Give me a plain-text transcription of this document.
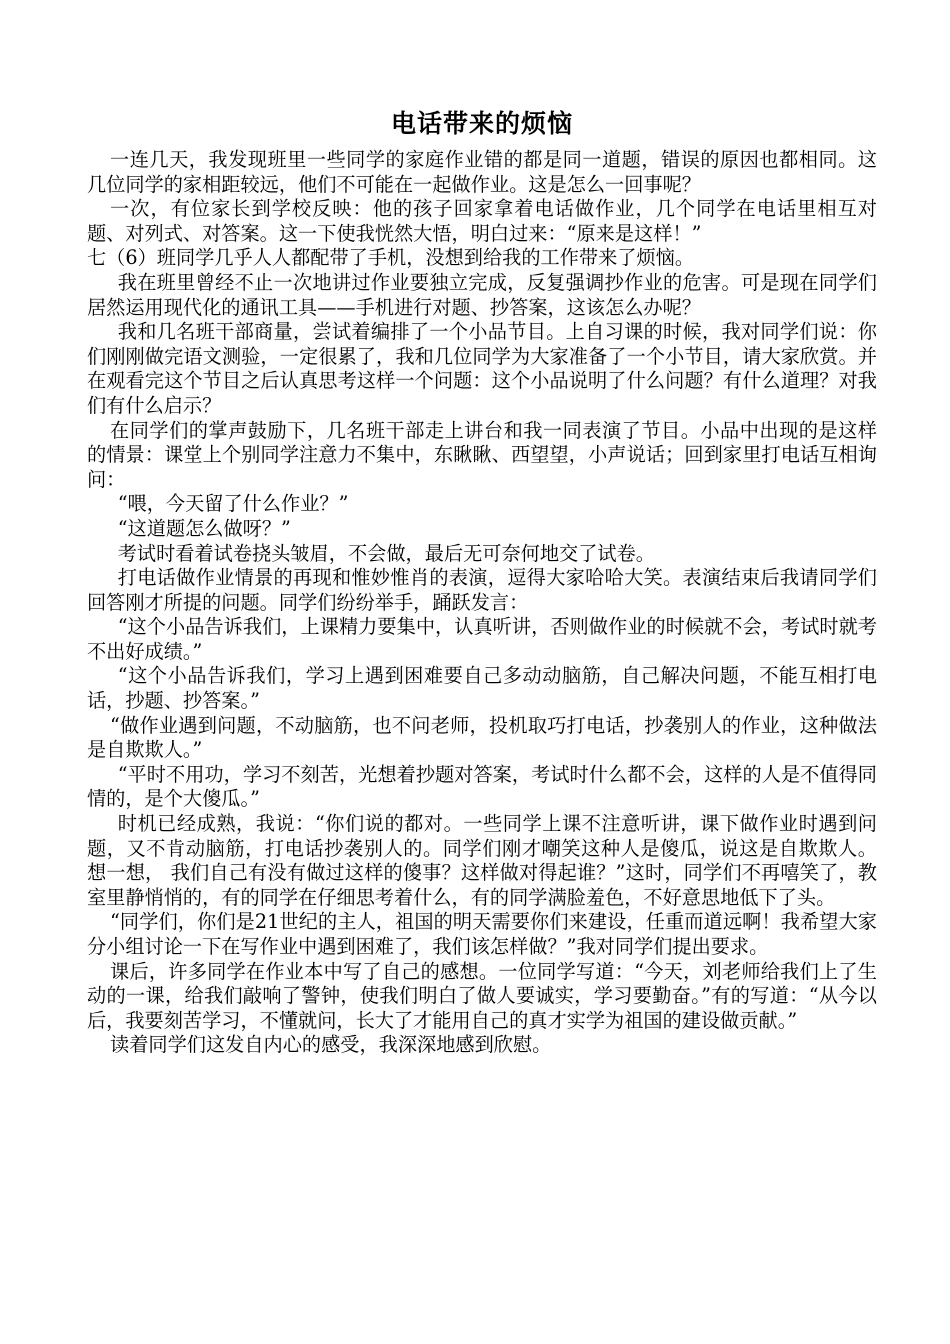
电话带来的烦恼

一连几天，我发现班里一些同学的家庭作业错的都是同一道题，错误的原因也都相同。这几位同学的家相距较远，他们不可能在一起做作业。这是怎么一回事呢？

一次，有位家长到学校反映：他的孩子回家拿着电话做作业，几个同学在电话里相互对题、对列式、对答案。这一下使我恍然大悟，明白过来：“原来是这样！”

七（6）班同学几乎人人都配带了手机，没想到给我的工作带来了烦恼。

我在班里曾经不止一次地讲过作业要独立完成，反复强调抄作业的危害。可是现在同学们居然运用现代化的通讯工具——手机进行对题、抄答案，这该怎么办呢？

我和几名班干部商量，尝试着编排了一个小品节目。上自习课的时候，我对同学们说：你们刚刚做完语文测验，一定很累了，我和几位同学为大家准备了一个小节目，请大家欣赏。并在观看完这个节目之后认真思考这样一个问题：这个小品说明了什么问题？有什么道理？对我们有什么启示？

在同学们的掌声鼓励下，几名班干部走上讲台和我一同表演了节目。小品中出现的是这样的情景：课堂上个别同学注意力不集中，东瞅瞅、西望望，小声说话；回到家里打电话互相询问：

“喂，今天留了什么作业？”

“这道题怎么做呀？”

考试时看着试卷挠头皱眉，不会做，最后无可奈何地交了试卷。

打电话做作业情景的再现和惟妙惟肖的表演，逗得大家哈哈大笑。表演结束后我请同学们回答刚才所提的问题。同学们纷纷举手，踊跃发言：

“这个小品告诉我们，上课精力要集中，认真听讲，否则做作业的时候就不会，考试时就考不出好成绩。”

“这个小品告诉我们，学习上遇到困难要自己多动动脑筋，自己解决问题，不能互相打电话，抄题、抄答案。”

“做作业遇到问题，不动脑筋，也不问老师，投机取巧打电话，抄袭别人的作业，这种做法是自欺欺人。”

“平时不用功，学习不刻苦，光想着抄题对答案，考试时什么都不会，这样的人是不值得同情的，是个大傻瓜。”

时机已经成熟，我说：“你们说的都对。一些同学上课不注意听讲，课下做作业时遇到问题，又不肯动脑筋，打电话抄袭别人的。同学们刚才嘲笑这种人是傻瓜，说这是自欺欺人。 想一想， 我们自己有没有做过这样的傻事？这样做对得起谁？”这时，同学们不再嘻笑了，教室里静悄悄的，有的同学在仔细思考着什么，有的同学满脸羞色，不好意思地低下了头。

“同学们，你们是21世纪的主人，祖国的明天需要你们来建设，任重而道远啊！我希望大家分小组讨论一下在写作业中遇到困难了，我们该怎样做？”我对同学们提出要求。

课后，许多同学在作业本中写了自己的感想。一位同学写道：“今天，刘老师给我们上了生动的一课，给我们敲响了警钟，使我们明白了做人要诚实，学习要勤奋。”有的写道：“从今以后，我要刻苦学习，不懂就问，长大了才能用自己的真才实学为祖国的建设做贡献。”

读着同学们这发自内心的感受，我深深地感到欣慰。
